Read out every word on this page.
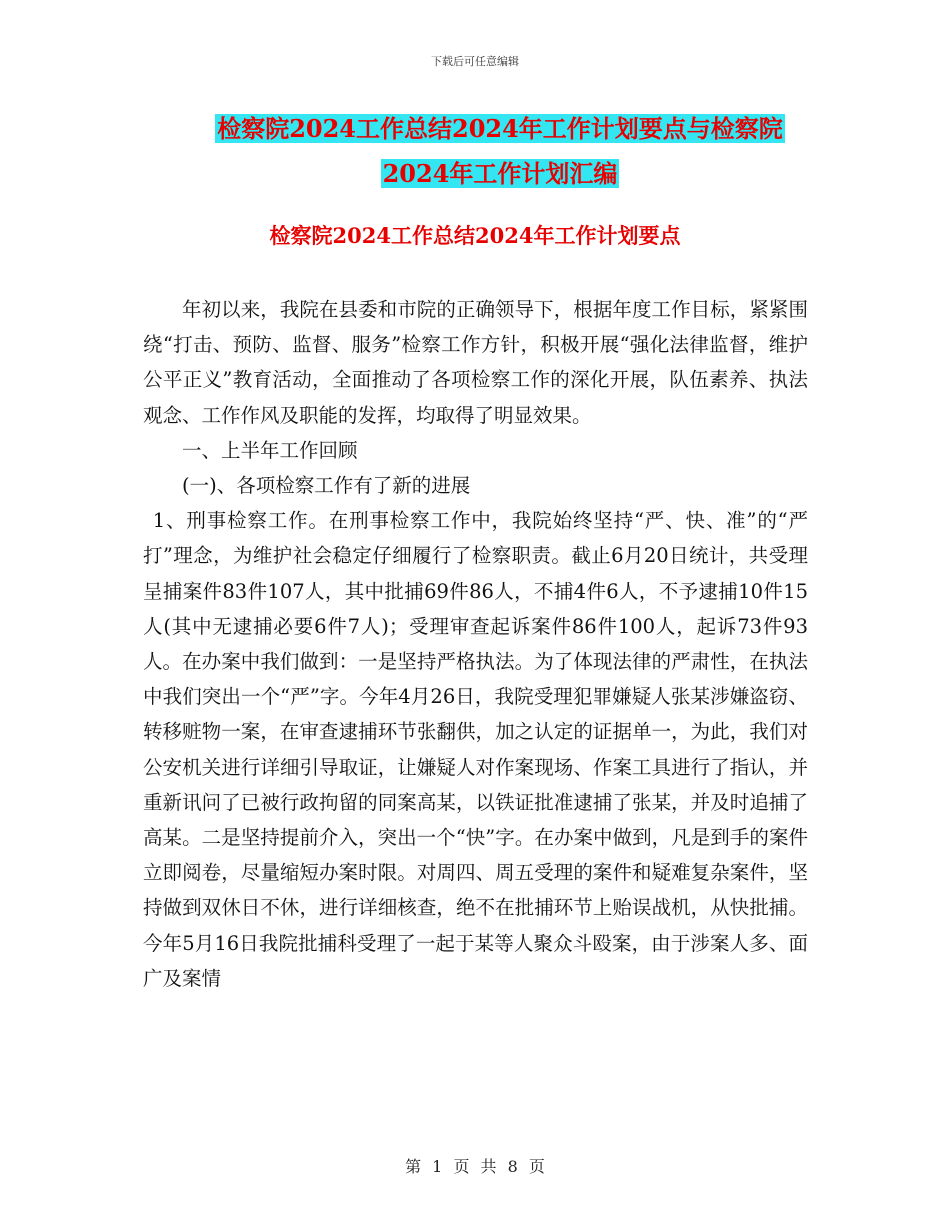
下载后可任意编辑
检察院2024工作总结2024年工作计划要点与检察院
2024年工作计划汇编
检察院2024工作总结2024年工作计划要点

年初以来，我院在县委和市院的正确领导下，根据年度工作目标，紧紧围绕“打击、预防、监督、服务”检察工作方针，积极开展“强化法律监督，维护公平正义”教育活动，全面推动了各项检察工作的深化开展，队伍素养、执法观念、工作作风及职能的发挥，均取得了明显效果。

一、上半年工作回顾

(一)、各项检察工作有了新的进展

1、刑事检察工作。在刑事检察工作中，我院始终坚持“严、快、准”的“严打”理念，为维护社会稳定仔细履行了检察职责。截止6月20日统计，共受理呈捕案件83件107人，其中批捕69件86人，不捕4件6人，不予逮捕10件15人(其中无逮捕必要6件7人)；受理审查起诉案件86件100人，起诉73件93人。在办案中我们做到：一是坚持严格执法。为了体现法律的严肃性，在执法中我们突出一个“严”字。今年4月26日，我院受理犯罪嫌疑人张某涉嫌盗窃、转移赃物一案，在审查逮捕环节张翻供，加之认定的证据单一，为此，我们对公安机关进行详细引导取证，让嫌疑人对作案现场、作案工具进行了指认，并重新讯问了已被行政拘留的同案高某，以铁证批准逮捕了张某，并及时追捕了高某。二是坚持提前介入，突出一个“快”字。在办案中做到，凡是到手的案件立即阅卷，尽量缩短办案时限。对周四、周五受理的案件和疑难复杂案件，坚持做到双休日不休，进行详细核查，绝不在批捕环节上贻误战机，从快批捕。今年5月16日我院批捕科受理了一起于某等人聚众斗殴案，由于涉案人多、面广及案情

第 1 页 共 8 页
